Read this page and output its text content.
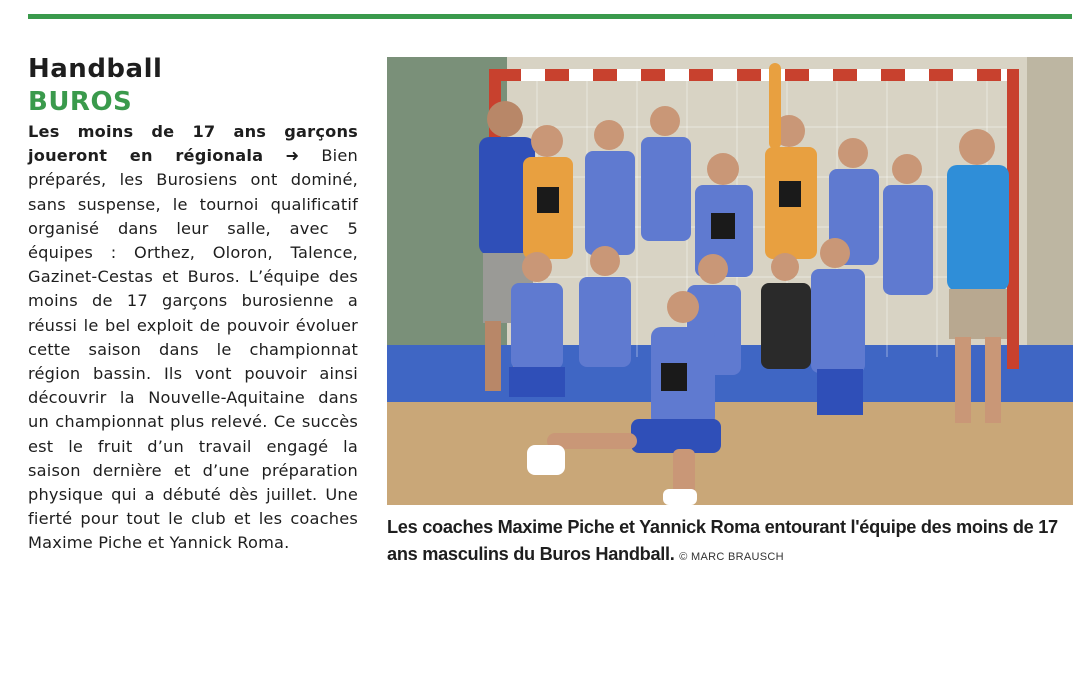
Handball
BUROS
Les moins de 17 ans garçons joueront en régionala ➜ Bien préparés, les Burosiens ont dominé, sans suspense, le tournoi qualificatif organisé dans leur salle, avec 5 équipes : Orthez, Oloron, Talence, Gazinet-Cestas et Buros. L’équipe des moins de 17 garçons burosienne a réussi le bel exploit de pouvoir évoluer cette saison dans le championnat région bassin. Ils vont pouvoir ainsi découvrir la Nouvelle-Aquitaine dans un championnat plus relevé. Ce succès est le fruit d’un travail engagé la saison dernière et d’une préparation physique qui a débuté dès juillet. Une fierté pour tout le club et les coaches Maxime Piche et Yannick Roma.
Les coaches Maxime Piche et Yannick Roma entourant l'équipe des moins de 17 ans masculins du Buros Handball. © MARC BRAUSCH
